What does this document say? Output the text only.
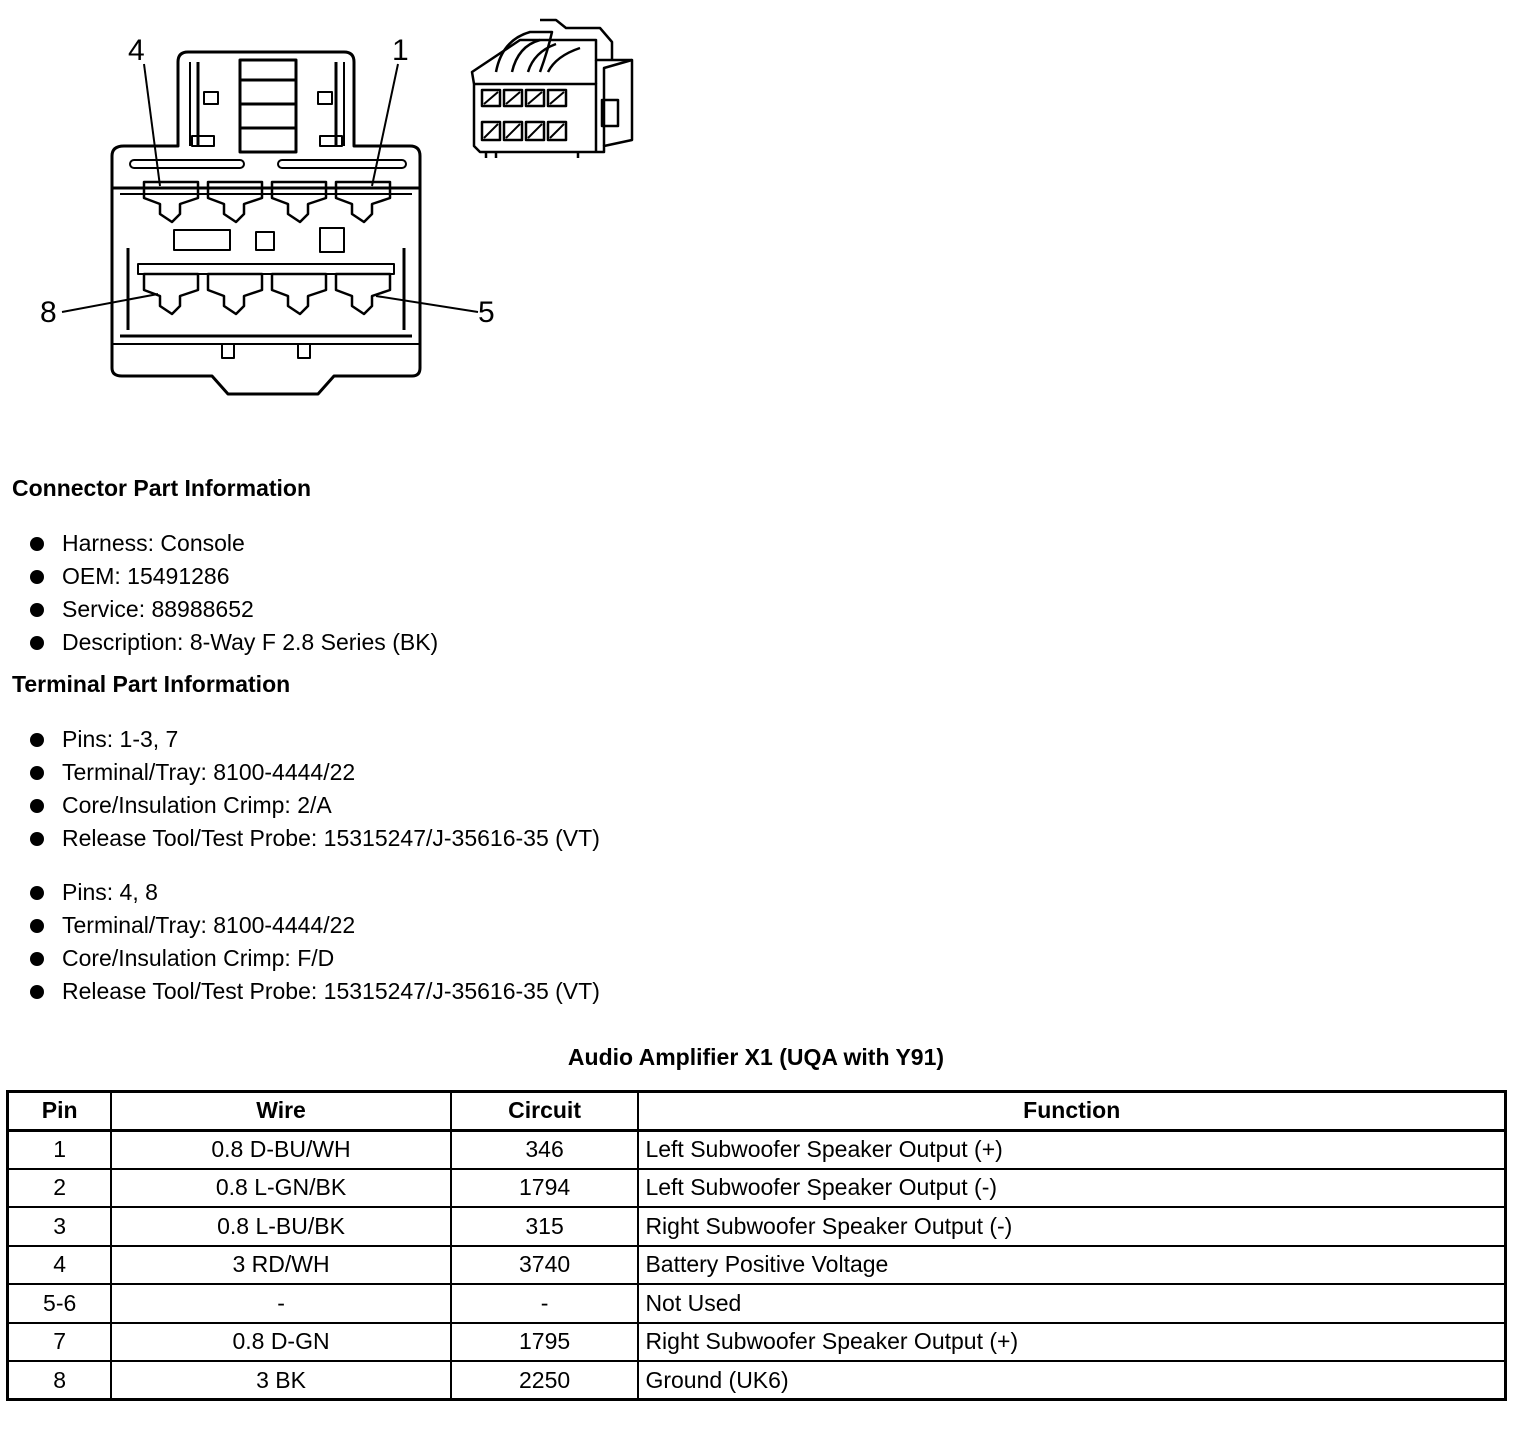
4	1
8	5
Connector Part Information
Harness: Console
OEM: 15491286
Service: 88988652
Description: 8-Way F 2.8 Series (BK)
Terminal Part Information
Pins: 1-3, 7
Terminal/Tray: 8100-4444/22
Core/Insulation Crimp: 2/A
Release Tool/Test Probe: 15315247/J-35616-35 (VT)
Pins: 4, 8
Terminal/Tray: 8100-4444/22
Core/Insulation Crimp: F/D
Release Tool/Test Probe: 15315247/J-35616-35 (VT)
Audio Amplifier X1 (UQA with Y91)
Pin	Wire	Circuit	Function
1	0.8 D-BU/WH	346	Left Subwoofer Speaker Output (+)
2	0.8 L-GN/BK	1794	Left Subwoofer Speaker Output (-)
3	0.8 L-BU/BK	315	Right Subwoofer Speaker Output (-)
4	3 RD/WH	3740	Battery Positive Voltage
5-6	-	-	Not Used
7	0.8 D-GN	1795	Right Subwoofer Speaker Output (+)
8	3 BK	2250	Ground (UK6)
